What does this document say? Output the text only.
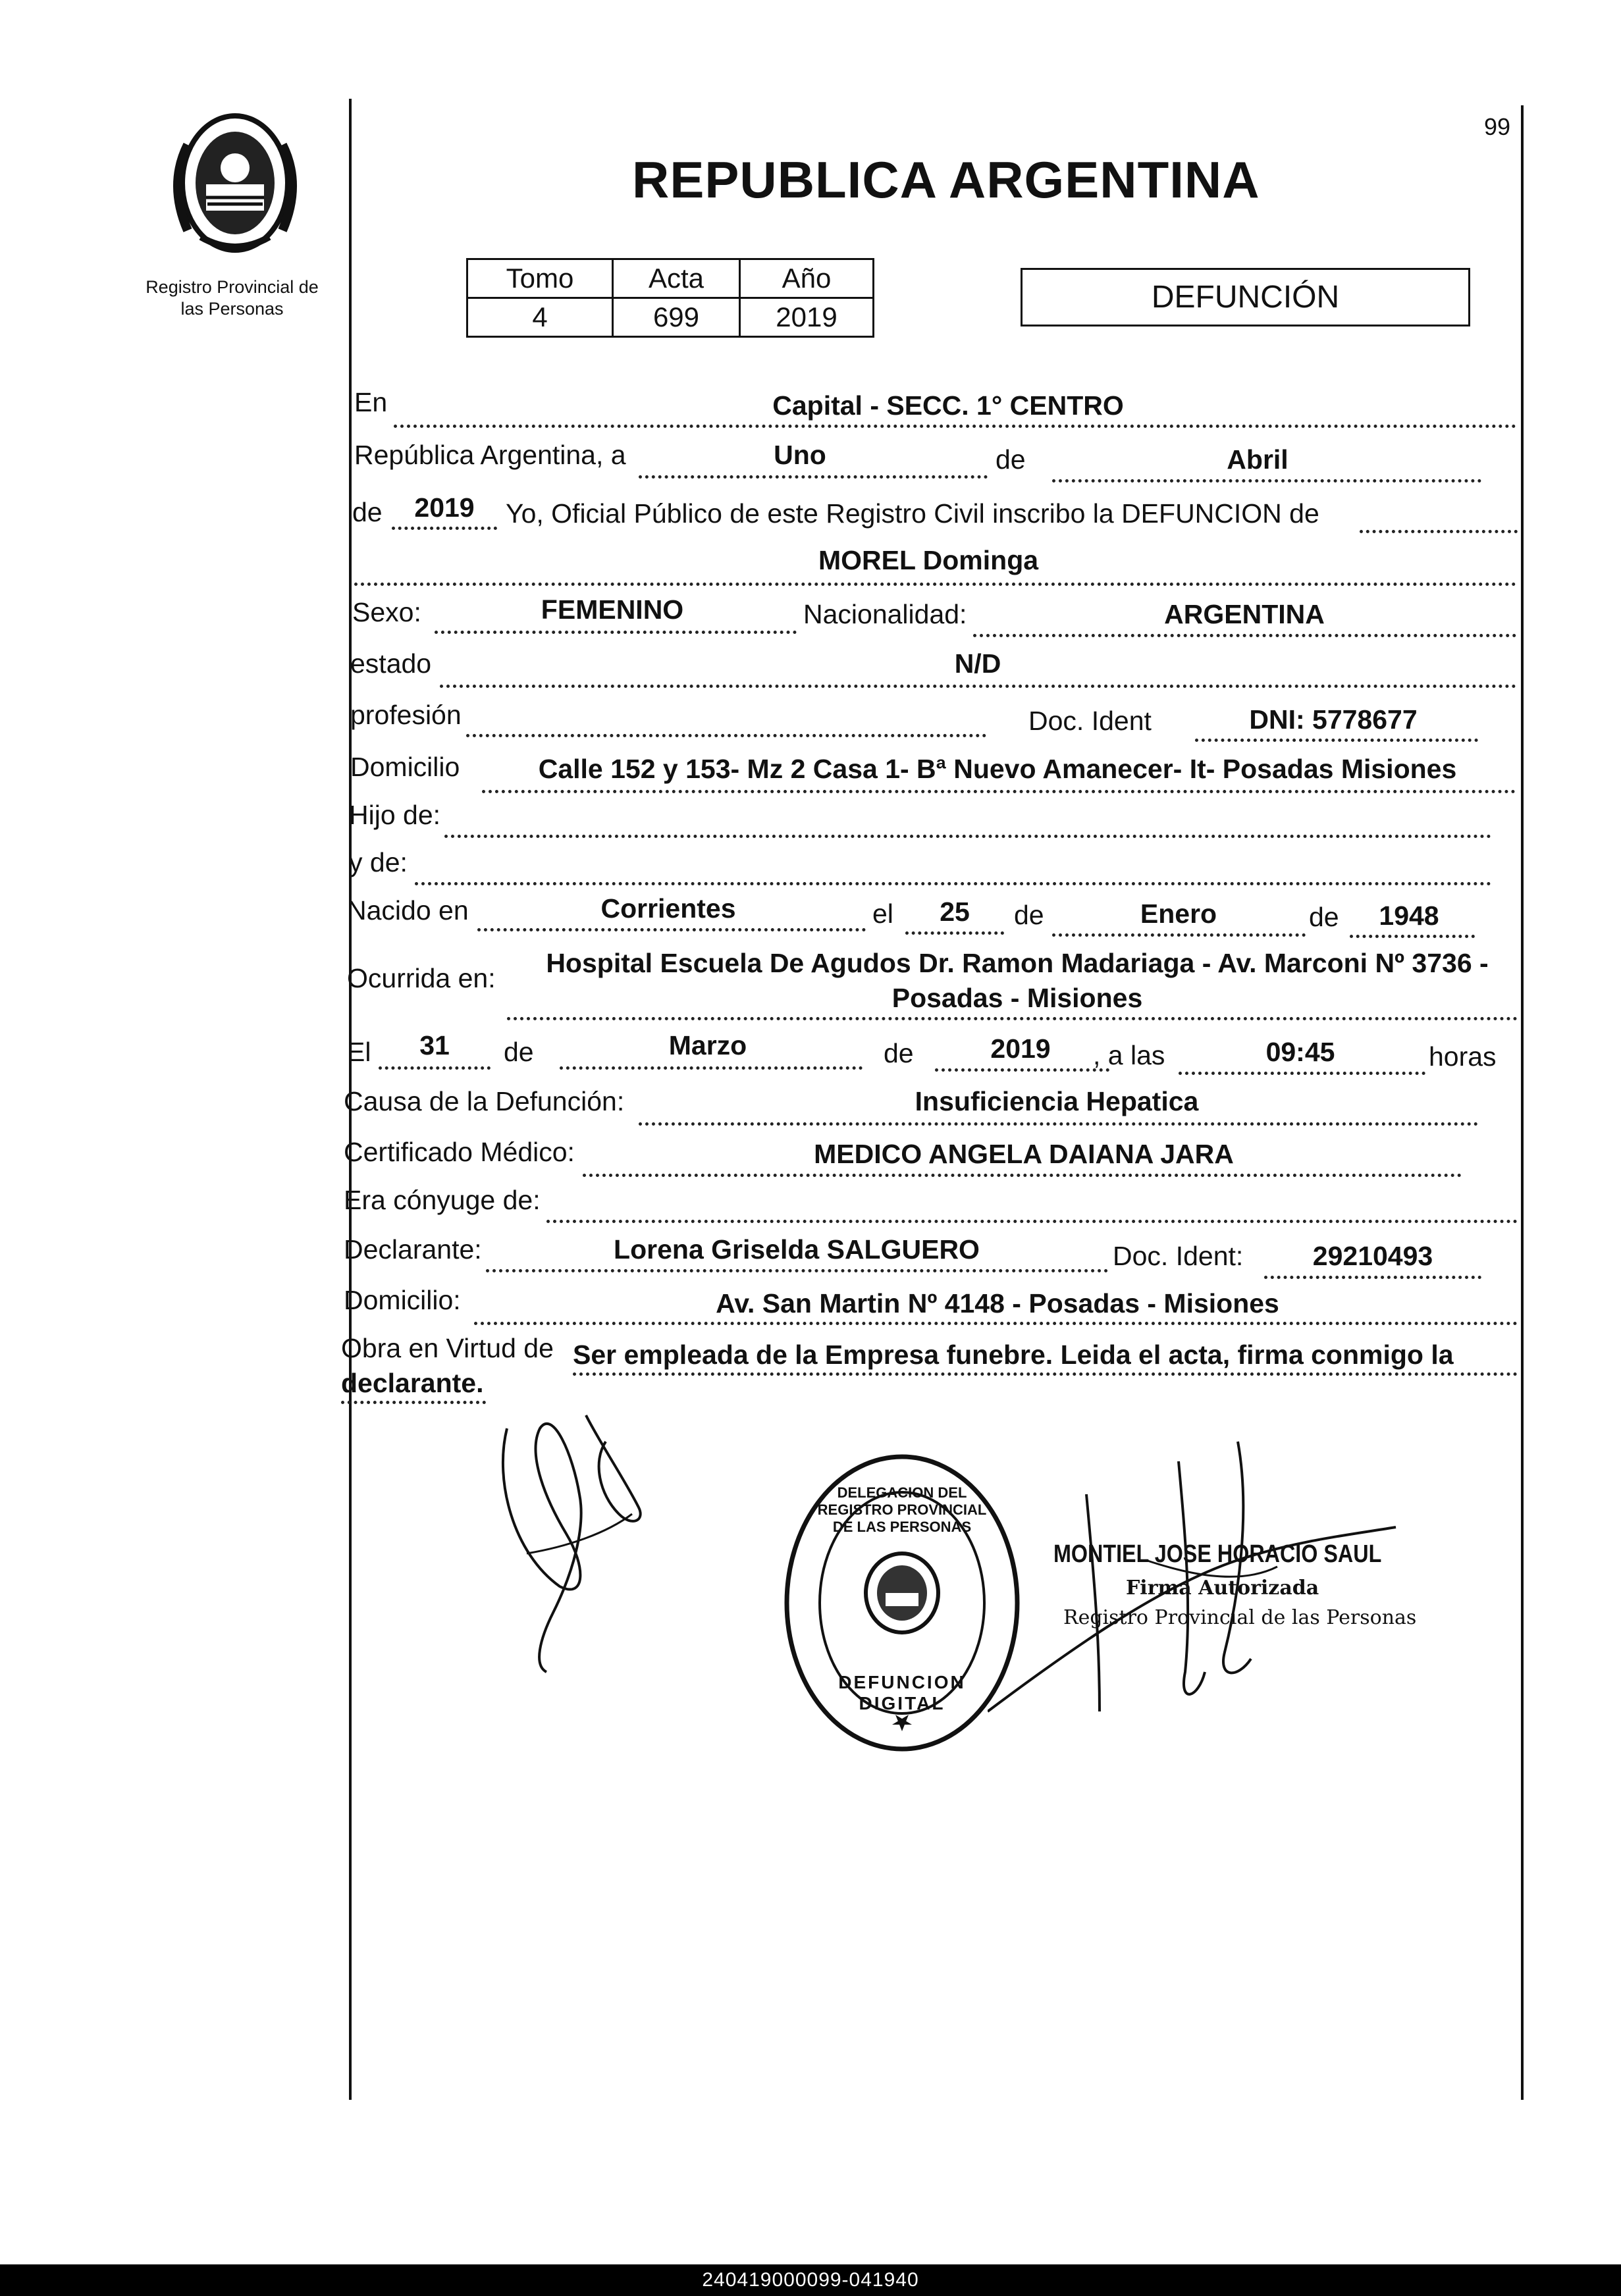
Registro Provincial de
las Personas
99
REPUBLICA ARGENTINA
Tomo	Acta	Año
4	699	2019
DEFUNCIÓN
En	Capital - SECC. 1° CENTRO
República Argentina, a	Uno	de	Abril
de	2019	Yo, Oficial Público de este Registro Civil inscribo la DEFUNCION de
MOREL Dominga
Sexo:	FEMENINO	Nacionalidad:	ARGENTINA
estado	N/D
profesión	Doc. Ident	DNI: 5778677
Domicilio	Calle 152 y 153- Mz 2 Casa 1- Bª Nuevo Amanecer- It- Posadas Misiones
Hijo de:
y de:
Nacido en	Corrientes	el	25	de	Enero	de	1948
Ocurrida en:	Hospital Escuela De Agudos Dr. Ramon Madariaga - Av. Marconi Nº 3736 -
Posadas - Misiones
El	31	de	Marzo	de	2019	, a las	09:45	horas
Causa de la Defunción:	Insuficiencia Hepatica
Certificado Médico:	MEDICO ANGELA DAIANA JARA
Era cónyuge de:
Declarante:	Lorena Griselda SALGUERO	Doc. Ident:	29210493
Domicilio:	Av. San Martin Nº 4148 - Posadas - Misiones
Obra en Virtud de Ser empleada de la Empresa funebre. Leida el acta, firma conmigo la
declarante.
DELEGACION DEL REGISTRO PROVINCIAL DE LAS PERSONAS
DEFUNCION DIGITAL
MONTIEL JOSE HORACIO SAUL
Firma Autorizada
Registro Provincial de las Personas
240419000099-041940
